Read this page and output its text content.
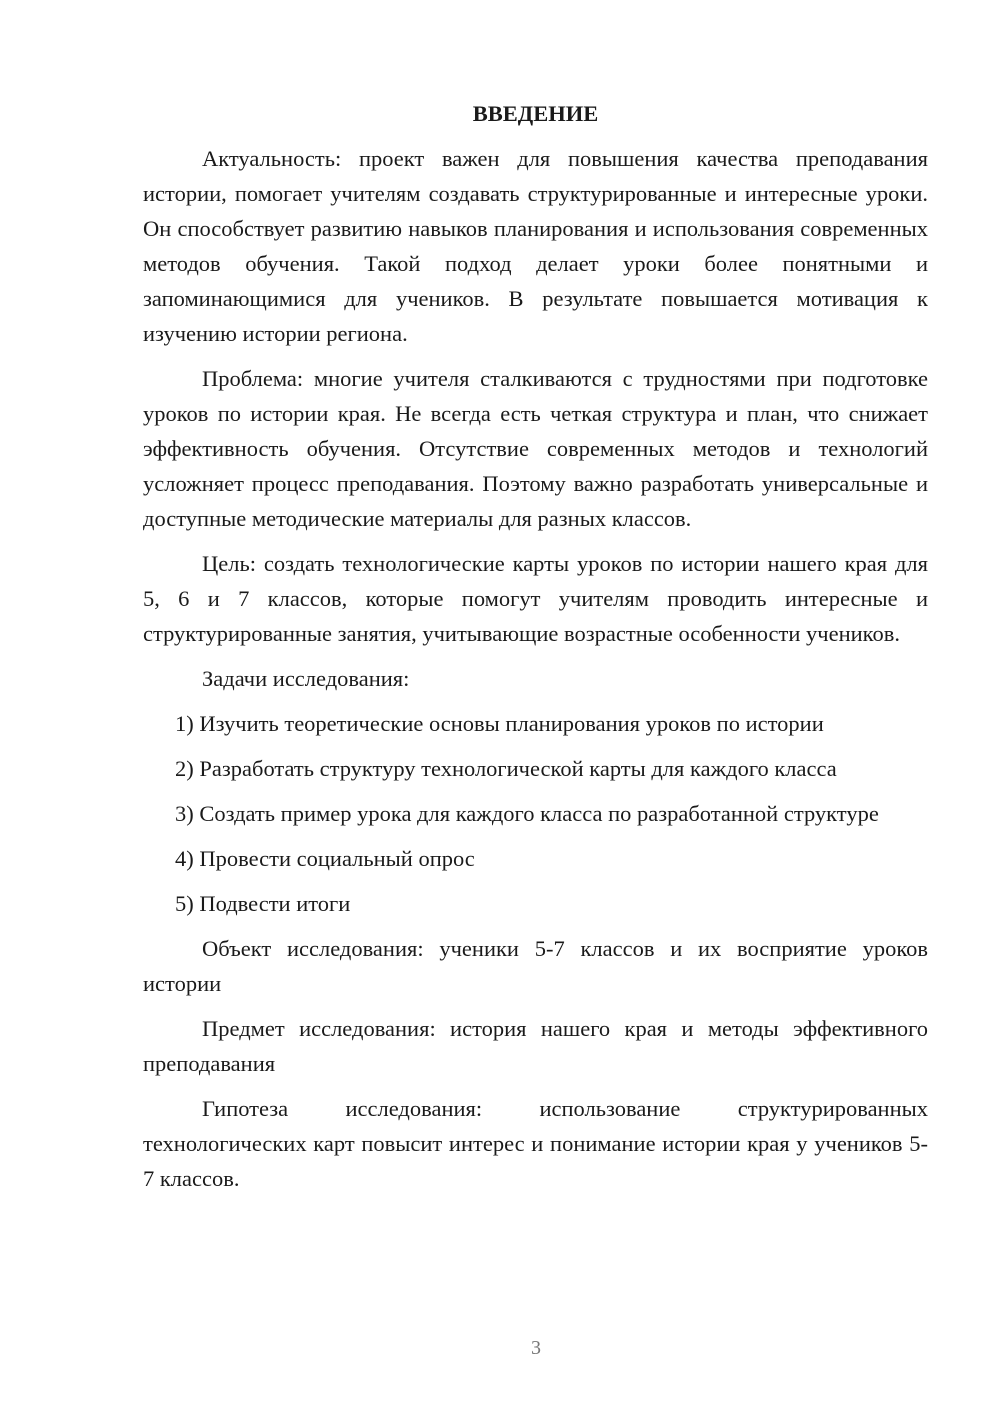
ВВЕДЕНИЕ

Актуальность: проект важен для повышения качества преподавания истории, помогает учителям создавать структурированные и интересные уроки. Он способствует развитию навыков планирования и использования современных методов обучения. Такой подход делает уроки более понятными и запоминающимися для учеников. В результате повышается мотивация к изучению истории региона.

Проблема: многие учителя сталкиваются с трудностями при подготовке уроков по истории края. Не всегда есть четкая структура и план, что снижает эффективность обучения. Отсутствие современных методов и технологий усложняет процесс преподавания. Поэтому важно разработать универсальные и доступные методические материалы для разных классов.

Цель: создать технологические карты уроков по истории нашего края для 5, 6 и 7 классов, которые помогут учителям проводить интересные и структурированные занятия, учитывающие возрастные особенности учеников.

Задачи исследования:

1) Изучить теоретические основы планирования уроков по истории

2) Разработать структуру технологической карты для каждого класса

3) Создать пример урока для каждого класса по разработанной структуре

4) Провести социальный опрос

5) Подвести итоги

Объект исследования: ученики 5-7 классов и их восприятие уроков истории

Предмет исследования: история нашего края и методы эффективного преподавания

Гипотеза исследования: использование структурированных технологических карт повысит интерес и понимание истории края у учеников 5-7 классов.

3
